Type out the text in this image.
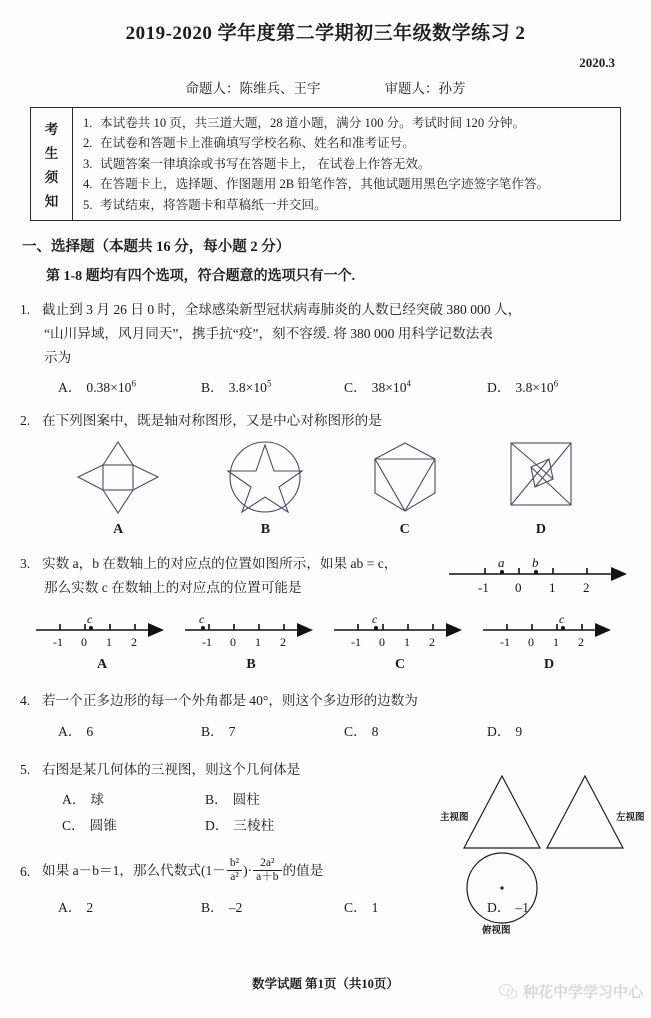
2019-2020 学年度第二学期初三年级数学练习 2
2020.3
命题人：陈维兵、王宇	审题人：孙芳
考
生
须
知
1. 本试卷共 10 页，共三道大题，28 道小题，满分 100 分。考试时间 120 分钟。
2. 在试卷和答题卡上准确填写学校名称、姓名和准考证号。
3. 试题答案一律填涂或书写在答题卡上， 在试卷上作答无效。
4. 在答题卡上，选择题、作图题用 2B 铅笔作答，其他试题用黑色字迹签字笔作答。
5. 考试结束，将答题卡和草稿纸一并交回。
一、选择题（本题共 16 分，每小题 2 分）
第 1-8 题均有四个选项，符合题意的选项只有一个.
1. 截止到 3 月 26 日 0 时，全球感染新型冠状病毒肺炎的人数已经突破 380 000 人，
“山川异域，风月同天”，携手抗“疫”，刻不容缓. 将 380 000 用科学记数法表
示为
A． $0.38\times 10^6$	B． $3.8\times 10^5$	C． $38\times 10^4$	D． $3.8\times 10^6$
2. 在下列图案中，既是轴对称图形，又是中心对称图形的是
A	B	C	D
3. 实数 a，b 在数轴上的对应点的位置如图所示，如果 ab = c，
那么实数 c 在数轴上的对应点的位置可能是
a b
-1 0 1 2
c
-1 0 1 2
A
c
-1 0 1 2
B
c
-1 0 1 2
C
c
-1 0 1 2
D
4. 若一个正多边形的每一个外角都是 40°，则这个多边形的边数为
A． 6	B． 7	C． 8	D． 9
5. 右图是某几何体的三视图，则这个几何体是
A． 球	B． 圆柱
C． 圆锥	D． 三棱柱
主视图	左视图
俯视图
6. 如果 a－b＝1，那么代数式($1- \frac{\text{b²}}{\text{a²}}$ )· $\frac{\text{2a²}}{a+b}$ 的值是
A． 2	B． –2	C． 1	D． –1
数学试题 第1页（共10页）	种花中学学习中心
